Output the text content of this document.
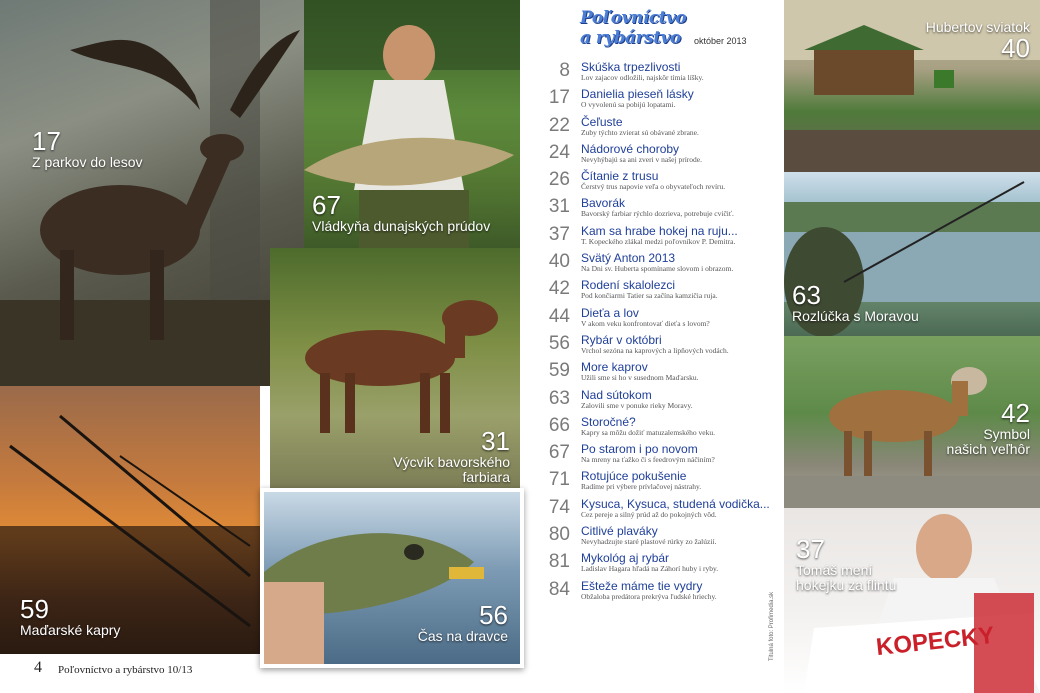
17
Z parkov do lesov
67
Vládkyňa dunajských prúdov
31
Výcvik bavorského farbiara
59
Maďarské kapry
56
Čas na dravce
4 Poľovníctvo a rybárstvo 10/13
Poľovníctvo
a rybárstvo október 2013
8 Skúška trpezlivosti
Lov zajacov odložili, najskôr tímia líšky.
17 Danielia pieseň lásky
O vyvolenú sa pobijú lopatami.
22 Čeľuste
Zuby týchto zvierat sú obávané zbrane.
24 Nádorové choroby
Nevyhýbajú sa ani zveri v našej prírode.
26 Čítanie z trusu
Čerstvý trus napovie veľa o obyvateľoch revíru.
31 Bavorák
Bavorský farbiar rýchlo dozrieva, potrebuje cvičiť.
37 Kam sa hrabe hokej na ruju...
T. Kopeckého zlákal medzi poľovníkov P. Demitra.
40 Svätý Anton 2013
Na Dni sv. Huberta spomíname slovom i obrazom.
42 Rodení skalolezci
Pod končiarmi Tatier sa začína kamzičia ruja.
44 Dieťa a lov
V akom veku konfrontovať dieťa s lovom?
56 Rybár v októbri
Vrchol sezóna na kaprových a lipňových vodách.
59 More kaprov
Užili sme si ho v susednom Maďarsku.
63 Nad sútokom
Zalovili sme v ponuke rieky Moravy.
66 Storočné?
Kapry sa môžu dožiť matuzalemského veku.
67 Po starom i po novom
Na mreny na ťažko či s feedrovým náčiním?
71 Rotujúce pokušenie
Radíme pri výbere prívlačovej nástrahy.
74 Kysuca, Kysuca, studená vodička...
Cez pereje a silný prúd až do pokojných vôd.
80 Citlivé plaváky
Nevyhadzujte staré plastové rúrky zo žalúzií.
81 Mykológ aj rybár
Ladislav Hagara hľadá na Záhorí huby i ryby.
84 Ešteže máme tie vydry
Obžaloba predátora prekrýva ľudské hriechy.	Titulná foto: Profimedia.sk
Hubertov sviatok
40
63
Rozlúčka s Moravou
42
Symbol
našich veľhôr
37
Tomáš mení
hokejku za flintu
KOPECKY
